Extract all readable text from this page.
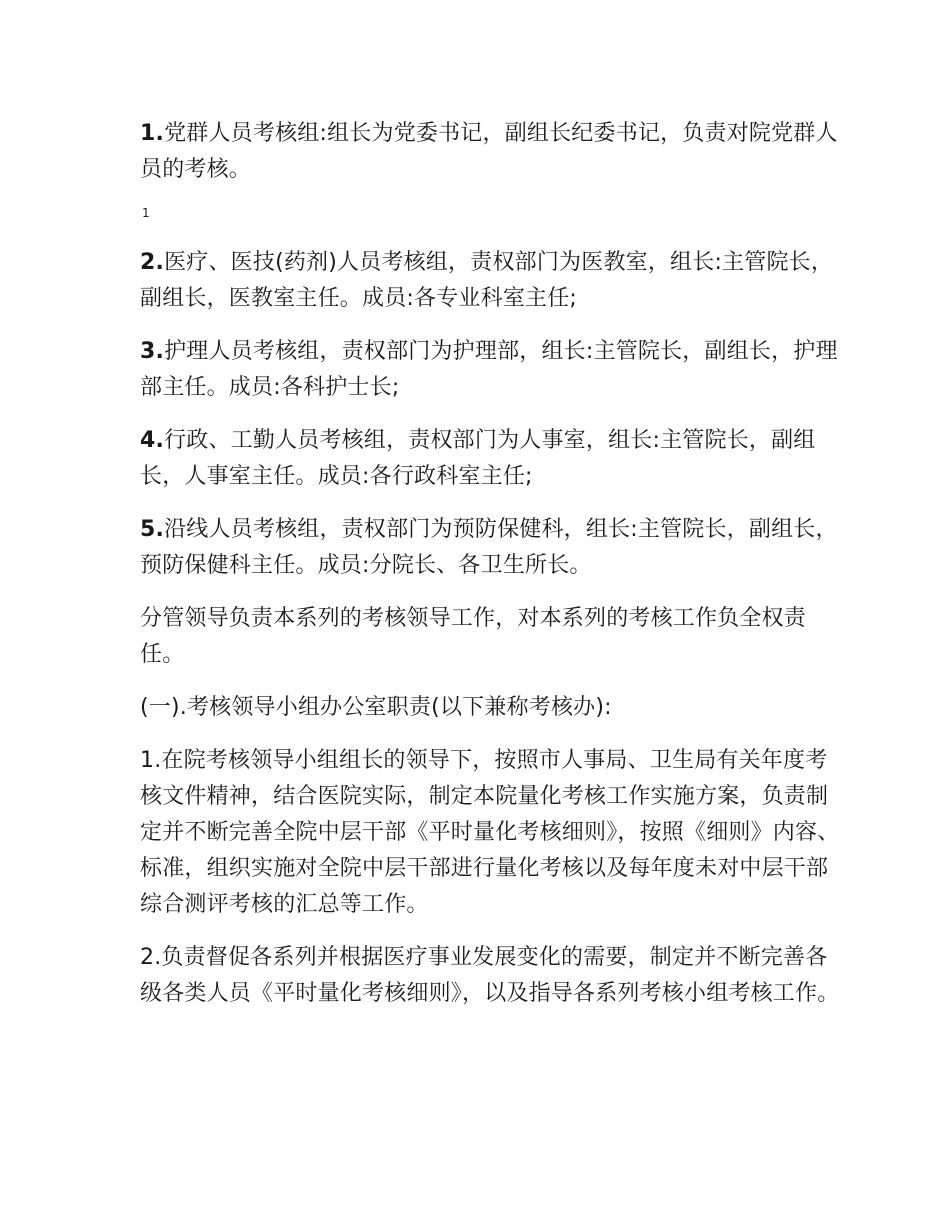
1.党群人员考核组:组长为党委书记，副组长纪委书记，负责对院党群人员的考核。

1

2.医疗、医技(药剂)人员考核组，责权部门为医教室，组长:主管院长，副组长，医教室主任。成员:各专业科室主任;

3.护理人员考核组，责权部门为护理部，组长:主管院长，副组长，护理部主任。成员:各科护士长;

4.行政、工勤人员考核组，责权部门为人事室，组长:主管院长，副组长，人事室主任。成员:各行政科室主任;

5.沿线人员考核组，责权部门为预防保健科，组长:主管院长，副组长，预防保健科主任。成员:分院长、各卫生所长。

分管领导负责本系列的考核领导工作，对本系列的考核工作负全权责任。

(一).考核领导小组办公室职责(以下兼称考核办):

1.在院考核领导小组组长的领导下，按照市人事局、卫生局有关年度考核文件精神，结合医院实际，制定本院量化考核工作实施方案，负责制定并不断完善全院中层干部《平时量化考核细则》，按照《细则》内容、标准，组织实施对全院中层干部进行量化考核以及每年度未对中层干部综合测评考核的汇总等工作。

2.负责督促各系列并根据医疗事业发展变化的需要，制定并不断完善各级各类人员《平时量化考核细则》，以及指导各系列考核小组考核工作。
